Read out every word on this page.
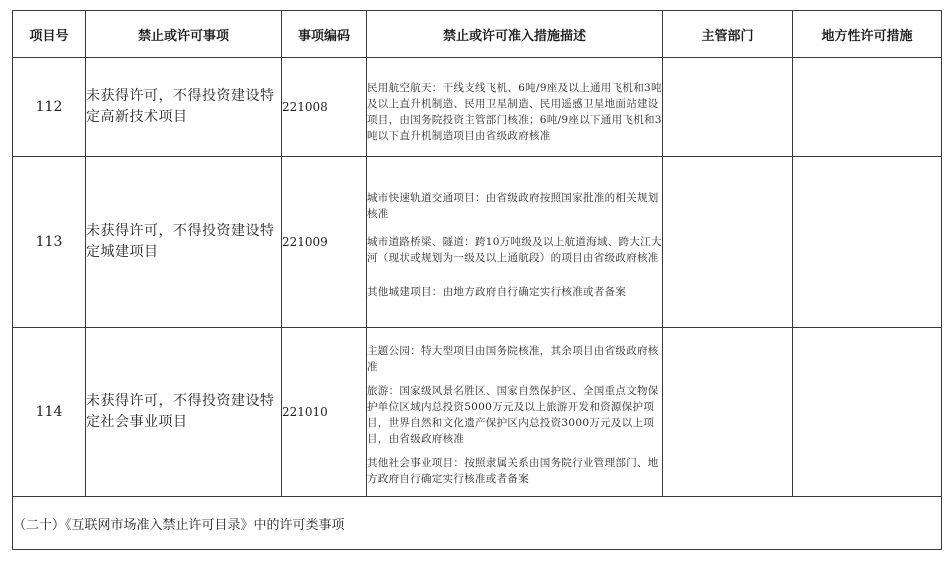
项目号	禁止或许可事项	事项编码	禁止或许可准入措施描述	主管部门	地方性许可措施
112	未获得许可，不得投资建设特定高新技术项目	221008	民用航空航天：干线支线飞机、6吨/9座及以上通用飞机和3吨及以上直升机制造、民用卫星制造、民用遥感卫星地面站建设项目，由国务院投资主管部门核准；6吨/9座以下通用飞机和3吨以下直升机制造项目由省级政府核准		

113	未获得许可，不得投资建设特定城建项目	221009	城市快速轨道交通项目：由省级政府按照国家批准的相关规划核准

城市道路桥梁、隧道：跨10万吨级及以上航道海域、跨大江大河（现状或规划为一级及以上通航段）的项目由省级政府核准

其他城建项目：由地方政府自行确定实行核准或者备案		

114	未获得许可，不得投资建设特定社会事业项目	221010	主题公园：特大型项目由国务院核准，其余项目由省级政府核准

旅游：国家级风景名胜区、国家自然保护区、全国重点文物保护单位区域内总投资5000万元及以上旅游开发和资源保护项目，世界自然和文化遗产保护区内总投资3000万元及以上项目，由省级政府核准

其他社会事业项目：按照隶属关系由国务院行业管理部门、地方政府自行确定实行核准或者备案		

（二十）《互联网市场准入禁止许可目录》中的许可类事项					
